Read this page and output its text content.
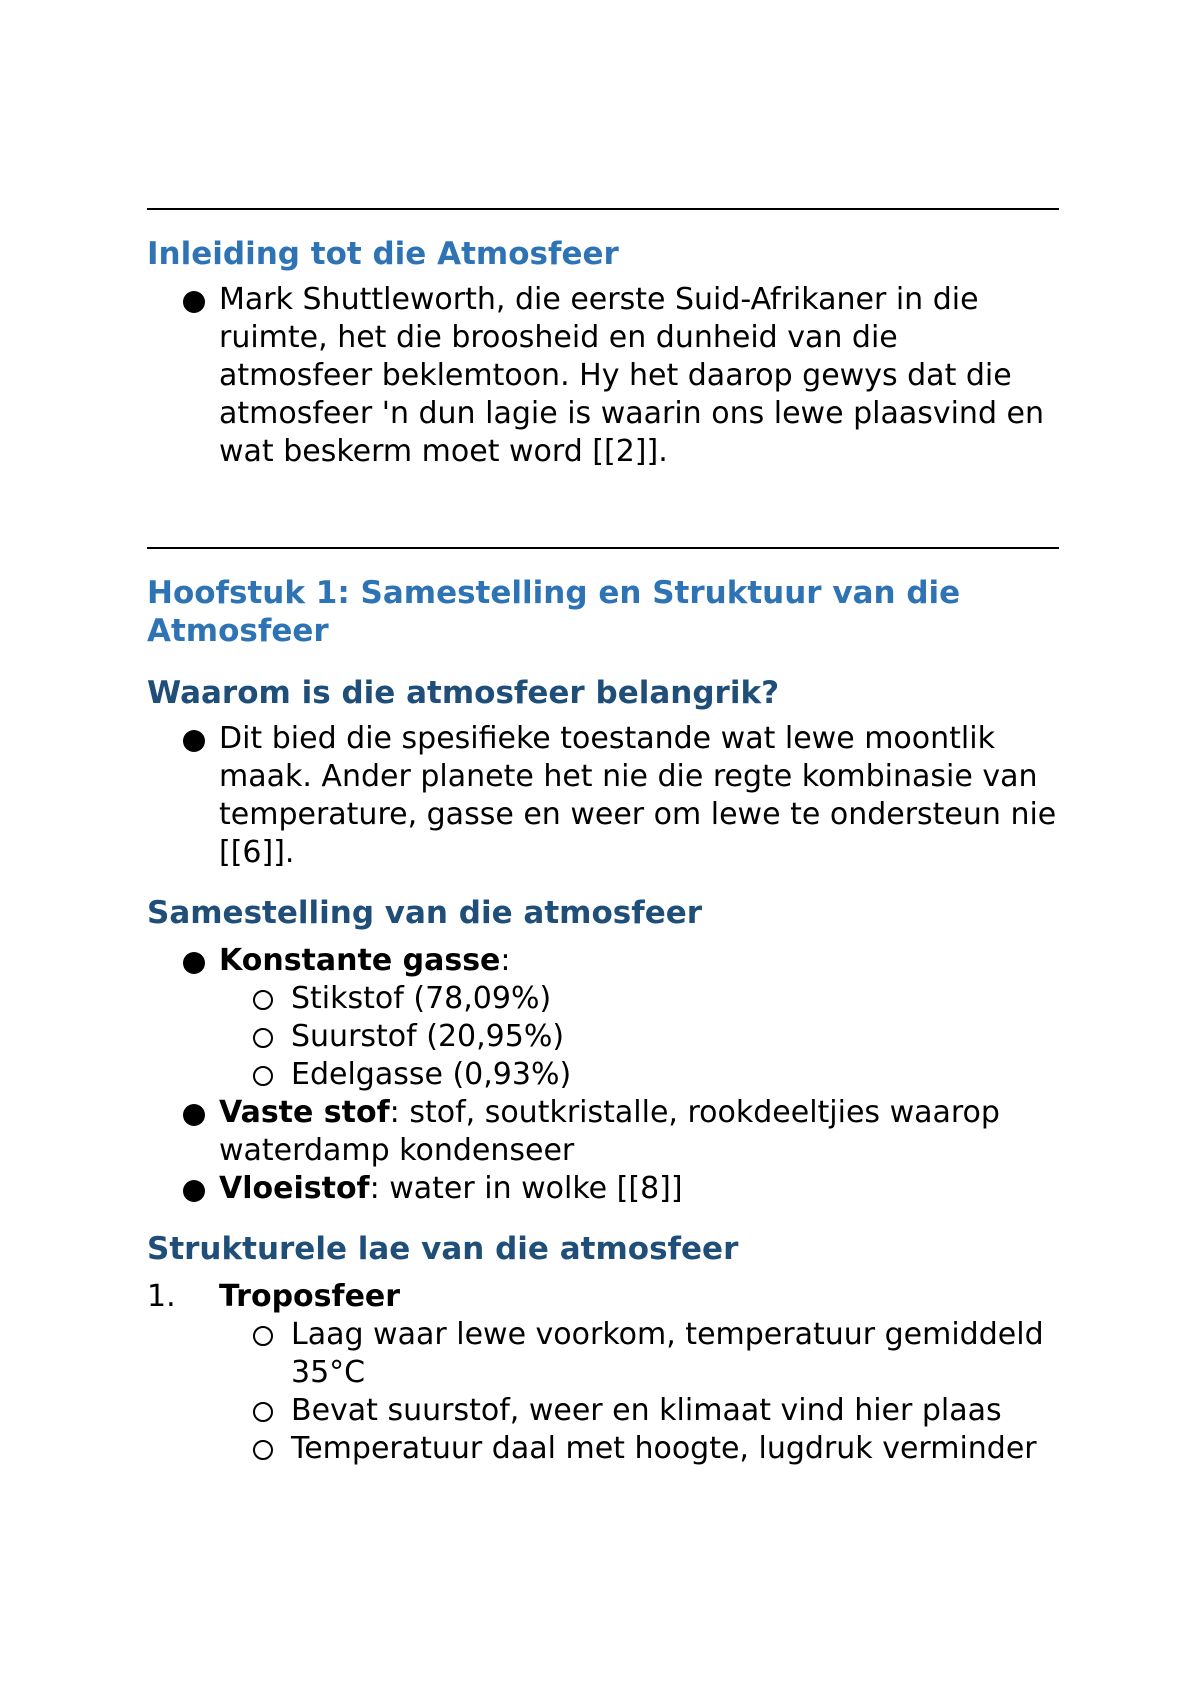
Inleiding tot die Atmosfeer
Mark Shuttleworth, die eerste Suid-Afrikaner in die ruimte, het die broosheid en dunheid van die atmosfeer beklemtoon. Hy het daarop gewys dat die atmosfeer 'n dun lagie is waarin ons lewe plaasvind en wat beskerm moet word [[2]].
Hoofstuk 1: Samestelling en Struktuur van die Atmosfeer
Waarom is die atmosfeer belangrik?
Dit bied die spesifieke toestande wat lewe moontlik maak. Ander planete het nie die regte kombinasie van temperature, gasse en weer om lewe te ondersteun nie [[6]].
Samestelling van die atmosfeer
Konstante gasse:
Stikstof (78,09%)
Suurstof (20,95%)
Edelgasse (0,93%)
Vaste stof: stof, soutkristalle, rookdeeltjies waarop waterdamp kondenseer
Vloeistof: water in wolke [[8]]
Strukturele lae van die atmosfeer
1. Troposfeer
Laag waar lewe voorkom, temperatuur gemiddeld 35°C
Bevat suurstof, weer en klimaat vind hier plaas
Temperatuur daal met hoogte, lugdruk verminder
